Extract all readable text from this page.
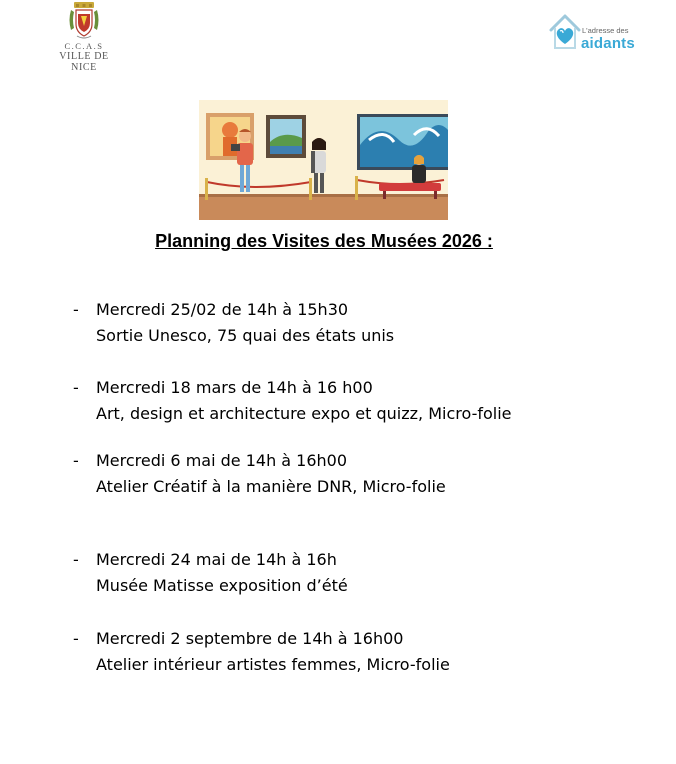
C.C.A.S
VILLE DE NICE
L'adresse des
aidants
Planning des Visites des Musées 2026 :
- Mercredi 25/02 de 14h à 15h30
Sortie Unesco, 75 quai des états unis
- Mercredi 18 mars de 14h à 16 h00
Art, design et architecture expo et quizz, Micro-folie
- Mercredi 6 mai de 14h à 16h00
Atelier Créatif à la manière DNR, Micro-folie
- Mercredi 24 mai de 14h à 16h
Musée Matisse exposition d’été
- Mercredi 2 septembre de 14h à 16h00
Atelier intérieur artistes femmes, Micro-folie
